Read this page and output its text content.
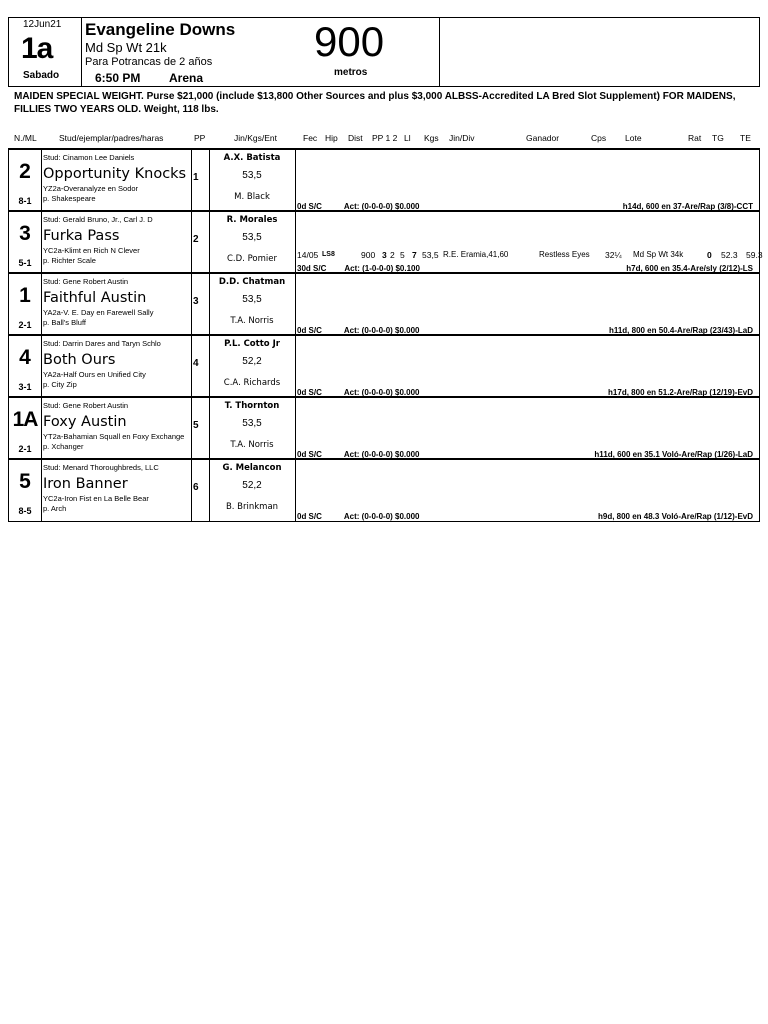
12Jun21
1a
Sabado
Evangeline Downs
Md Sp Wt 21k
Para Potrancas de 2 años
6:50 PM Arena
900
metros
MAIDEN SPECIAL WEIGHT. Purse $21,000 (include $13,800 Other Sources and plus $3,000 ALBSS-Accredited LA Bred Slot Supplement) FOR MAIDENS, FILLIES TWO YEARS OLD. Weight, 118 lbs.
N./ML	Stud/ejemplar/padres/haras	PP	Jin/Kgs/Ent	Fec Hip Dist PP 1 2 Ll Kgs Jin/Div	Ganador	Cps Lote	Rat TG TE
Stud: Cinamon Lee Daniels
2
8-1
Opportunity Knocks
YZ2a-Overanalyze en Sodor
p. Shakespeare
1
A.X. Batista
53,5
M. Black
0d S/C	Act: (0-0-0-0) $0.000	h14d, 600 en 37-Are/Rap (3/8)-CCT
Stud: Gerald Bruno, Jr., Carl J. D
3
5-1
Furka Pass
YC2a-Klimt en Rich N Clever
p. Richter Scale
2
R. Morales
53,5
C.D. Pomier	14/05 LS8	900 3 2 5 7 53,5 R.E. Eramia,41,60	Restless Eyes 32¼ Md Sp Wt 34k	0 52.3 59.3
30d S/C Act: (1-0-0-0) $0.100	h7d, 600 en 35.4-Are/sly (2/12)-LS
Stud: Gene Robert Austin
1
2-1
Faithful Austin
YA2a-V. E. Day en Farewell Sally
p. Ball's Bluff
3
D.D. Chatman
53,5
T.A. Norris
0d S/C	Act: (0-0-0-0) $0.000	h11d, 800 en 50.4-Are/Rap (23/43)-LaD
Stud: Darrin Dares and Taryn Schlo
4
3-1
Both Ours
YA2a-Half Ours en Unified City
p. City Zip
4
P.L. Cotto Jr
52,2
C.A. Richards
0d S/C	Act: (0-0-0-0) $0.000	h17d, 800 en 51.2-Are/Rap (12/19)-EvD
Stud: Gene Robert Austin
1A
2-1
Foxy Austin
YT2a-Bahamian Squall en Foxy Exchange
p. Xchanger
5
T. Thornton
53,5
T.A. Norris
0d S/C	Act: (0-0-0-0) $0.000	h11d, 600 en 35.1 Voló-Are/Rap (1/26)-LaD
Stud: Menard Thoroughbreds, LLC
5
8-5
Iron Banner
YC2a-Iron Fist en La Belle Bear
p. Arch
6
G. Melancon
52,2
B. Brinkman
0d S/C	Act: (0-0-0-0) $0.000	h9d, 800 en 48.3 Voló-Are/Rap (1/12)-EvD
